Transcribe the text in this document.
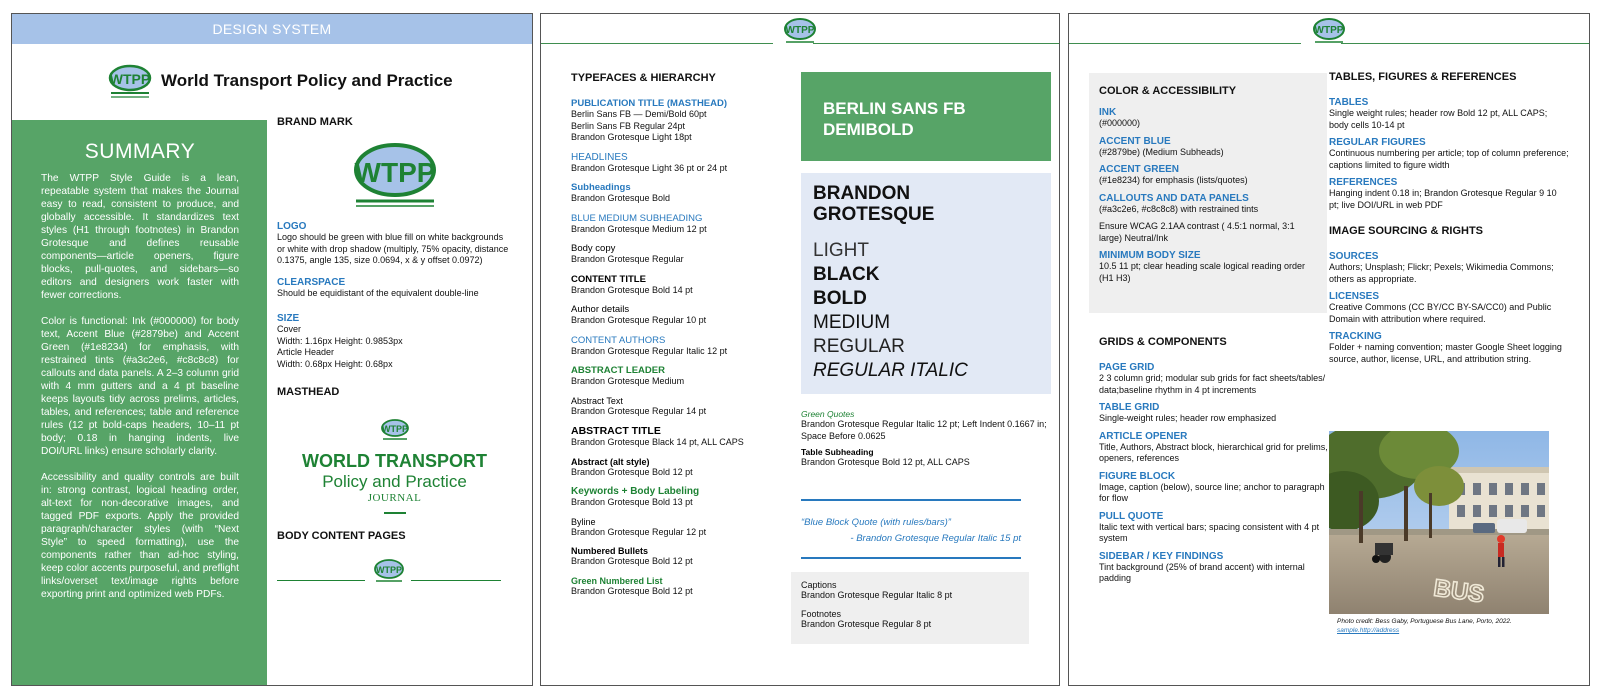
DESIGN SYSTEM
WTPP World Transport Policy and Practice
SUMMARY

The WTPP Style Guide is a lean, repeatable system that makes the Journal easy to read, consistent to produce, and globally accessible. It standardizes text styles (H1 through footnotes) in Brandon Grotesque and defines reusable components—article openers, figure blocks, pull-quotes, and sidebars—so editors and designers work faster with fewer corrections.

Color is functional: Ink (#000000) for body text, Accent Blue (#2879be) and Accent Green (#1e8234) for emphasis, with restrained tints (#a3c2e6, #c8c8c8) for callouts and data panels. A 2–3 column grid with 4 mm gutters and a 4 pt baseline keeps layouts tidy across prelims, articles, tables, and references; table and reference rules (12 pt bold-caps headers, 10–11 pt body; 0.18 in hanging indents, live DOI/URL links) ensure scholarly clarity.

Accessibility and quality controls are built in: strong contrast, logical heading order, alt-text for non-decorative images, and tagged PDF exports. Apply the provided paragraph/character styles (with “Next Style” to speed formatting), use the components rather than ad-hoc styling, keep color accents purposeful, and preflight links/overset text/image rights before exporting print and optimized web PDFs.

BRAND MARK
WTPP
LOGO
Logo should be green with blue fill on white backgrounds or white with drop shadow (multiply, 75% opacity, distance 0.1375, angle 135, size 0.0694, x & y offset 0.0972)
CLEARSPACE
Should be equidistant of the equivalent double-line
SIZE
Cover
Width: 1.16px Height: 0.9853px
Article Header
Width: 0.68px Height: 0.68px
MASTHEAD
WTPP
WORLD TRANSPORT
Policy and Practice
JOURNAL
BODY CONTENT PAGES
WTPP
WTPP
TYPEFACES & HIERARCHY
PUBLICATION TITLE (MASTHEAD)
Berlin Sans FB — Demi/Bold 60pt
Berlin Sans FB Regular 24pt
Brandon Grotesque Light 18pt
HEADLINES
Brandon Grotesque Light 36 pt or 24 pt
Subheadings
Brandon Grotesque Bold
BLUE MEDIUM SUBHEADING
Brandon Grotesque Medium 12 pt
Body copy
Brandon Grotesque Regular
CONTENT TITLE
Brandon Grotesque Bold 14 pt
Author details
Brandon Grotesque Regular 10 pt
CONTENT AUTHORS
Brandon Grotesque Regular Italic 12 pt
ABSTRACT LEADER
Brandon Grotesque Medium
Abstract Text
Brandon Grotesque Regular 14 pt
ABSTRACT TITLE
Brandon Grotesque Black 14 pt, ALL CAPS
Abstract (alt style)
Brandon Grotesque Bold 12 pt
Keywords + Body Labeling
Brandon Grotesque Bold 13 pt
Byline
Brandon Grotesque Regular 12 pt
Numbered Bullets
Brandon Grotesque Bold 12 pt
Green Numbered List
Brandon Grotesque Bold 12 pt
BERLIN SANS FB
DEMIBOLD
BRANDON
GROTESQUE
LIGHT
BLACK
BOLD
MEDIUM
REGULAR
REGULAR ITALIC
Green Quotes
Brandon Grotesque Regular Italic 12 pt; Left Indent 0.1667 in; Space Before 0.0625
Table Subheading
Brandon Grotesque Bold 12 pt, ALL CAPS
“Blue Block Quote (with rules/bars)”
- Brandon Grotesque Regular Italic 15 pt
Captions
Brandon Grotesque Regular Italic 8 pt
Footnotes
Brandon Grotesque Regular 8 pt
WTPP
COLOR & ACCESSIBILITY
INK
(#000000)
ACCENT BLUE
(#2879be) (Medium Subheads)
ACCENT GREEN
(#1e8234) for emphasis (lists/quotes)
CALLOUTS AND DATA PANELS
(#a3c2e6, #c8c8c8) with restrained tints
Ensure WCAG 2.1AA contrast ( 4.5:1 normal, 3:1 large) Neutral/Ink
MINIMUM BODY SIZE
10.5 11 pt; clear heading scale logical reading order (H1 H3)
GRIDS & COMPONENTS
PAGE GRID
2 3 column grid; modular sub grids for fact sheets/tables/ data;baseline rhythm in 4 pt increments
TABLE GRID
Single-weight rules; header row emphasized
ARTICLE OPENER
Title, Authors, Abstract block, hierarchical grid for prelims, openers, references
FIGURE BLOCK
Image, caption (below), source line; anchor to paragraph for flow
PULL QUOTE
Italic text with vertical bars; spacing consistent with 4 pt system
SIDEBAR / KEY FINDINGS
Tint background (25% of brand accent) with internal padding
TABLES, FIGURES & REFERENCES
TABLES
Single weight rules; header row Bold 12 pt, ALL CAPS; body cells 10-14 pt
REGULAR FIGURES
Continuous numbering per article; top of column preference; captions limited to figure width
REFERENCES
Hanging indent 0.18 in; Brandon Grotesque Regular 9 10 pt; live DOI/URL in web PDF
IMAGE SOURCING & RIGHTS
SOURCES
Authors; Unsplash; Flickr; Pexels; Wikimedia Commons; others as appropriate.
LICENSES
Creative Commons (CC BY/CC BY-SA/CC0) and Public Domain with attribution where required.
TRACKING
Folder + naming convention; master Google Sheet logging source, author, license, URL, and attribution string.
BUS
Photo credit: Bess Gaby, Portuguese Bus Lane, Porto, 2022.
sample.http://address
